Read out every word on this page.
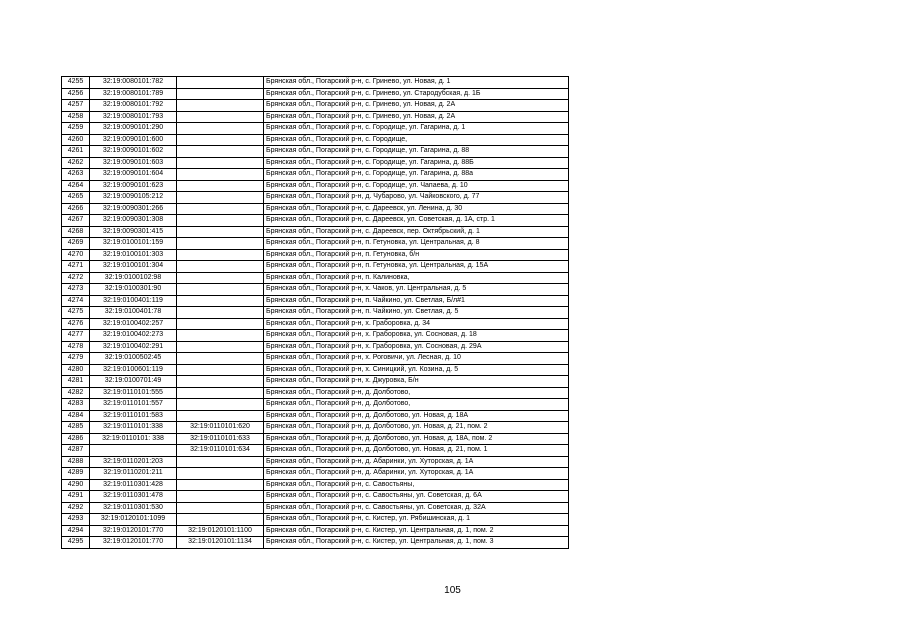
4255	32:19:0080101:782		Брянская обл., Погарский р-н, с. Гринево, ул. Новая, д. 1
4256	32:19:0080101:789		Брянская обл., Погарский р-н, с. Гринево, ул. Стародубская, д. 1Б
4257	32:19:0080101:792		Брянская обл., Погарский р-н, с. Гринево, ул. Новая, д. 2А
4258	32:19:0080101:793		Брянская обл., Погарский р-н, с. Гринево, ул. Новая, д. 2А
4259	32:19:0090101:290		Брянская обл., Погарский р-н, с. Городище, ул. Гагарина, д. 1
4260	32:19:0090101:600		Брянская обл., Погарский р-н, с. Городище,
4261	32:19:0090101:602		Брянская обл., Погарский р-н, с. Городище, ул. Гагарина, д. 88
4262	32:19:0090101:603		Брянская обл., Погарский р-н, с. Городище, ул. Гагарина, д. 88Б
4263	32:19:0090101:604		Брянская обл., Погарский р-н, с. Городище, ул. Гагарина, д. 88а
4264	32:19:0090101:623		Брянская обл., Погарский р-н, с. Городище, ул. Чапаева, д. 10
4265	32:19:0090105:212		Брянская обл., Погарский р-н, д. Чубарово, ул. Чайковского, д. 77
4266	32:19:0090301:266		Брянская обл., Погарский р-н, с. Дареевск, ул. Ленина, д. 30
4267	32:19:0090301:308		Брянская обл., Погарский р-н, с. Дареевск, ул. Советская, д. 1А, стр. 1
4268	32:19:0090301:415		Брянская обл., Погарский р-н, с. Дареевск, пер. Октябрьский, д. 1
4269	32:19:0100101:159		Брянская обл., Погарский р-н, п. Гетуновка, ул. Центральная, д. 8
4270	32:19:0100101:303		Брянская обл., Погарский р-н, п. Гетуновка, б/н
4271	32:19:0100101:304		Брянская обл., Погарский р-н, п. Гетуновка, ул. Центральная, д. 15А
4272	32:19:0100102:98		Брянская обл., Погарский р-н, п. Калиновка,
4273	32:19:0100301:90		Брянская обл., Погарский р-н, х. Чаков, ул. Центральная, д. 5
4274	32:19:0100401:119		Брянская обл., Погарский р-н, п. Чайкино, ул. Светлая, Б/л#1
4275	32:19:0100401:78		Брянская обл., Погарский р-н, п. Чайкино, ул. Светлая, д. 5
4276	32:19:0100402:257		Брянская обл., Погарский р-н, х. Граборовка, д. 34
4277	32:19:0100402:273		Брянская обл., Погарский р-н, х. Граборовка, ул. Сосновая, д. 18
4278	32:19:0100402:291		Брянская обл., Погарский р-н, х. Граборовка, ул. Сосновая, д. 29А
4279	32:19:0100502:45		Брянская обл., Погарский р-н, х. Роговичи, ул. Лесная, д. 10
4280	32:19:0100601:119		Брянская обл., Погарский р-н, х. Синицкий, ул. Козина, д. 5
4281	32:19:0100701:49		Брянская обл., Погарский р-н, х. Джуровка, Б/н
4282	32:19:0110101:555		Брянская обл., Погарский р-н, д. Долботово,
4283	32:19:0110101:557		Брянская обл., Погарский р-н, д. Долботово,
4284	32:19:0110101:583		Брянская обл., Погарский р-н, д. Долботово, ул. Новая, д. 18А
4285	32:19:0110101:338	32:19:0110101:620	Брянская обл., Погарский р-н, д. Долботово, ул. Новая, д. 21, пом. 2
4286	32:19:0110101: 338	32:19:0110101:633	Брянская обл., Погарский р-н, д. Долботово, ул. Новая, д. 18А, пом. 2
4287		32:19:0110101:634	Брянская обл., Погарский р-н, д. Долботово, ул. Новая, д. 21, пом. 1
4288	32:19:0110201:203		Брянская обл., Погарский р-н, д. Абаринки, ул. Хуторская, д. 1А
4289	32:19:0110201:211		Брянская обл., Погарский р-н, д. Абаринки, ул. Хуторская, д. 1А
4290	32:19:0110301:428		Брянская обл., Погарский р-н, с. Савостьяны,
4291	32:19:0110301:478		Брянская обл., Погарский р-н, с. Савостьяны, ул. Советская, д. 6А
4292	32:19:0110301:530		Брянская обл., Погарский р-н, с. Савостьяны, ул. Советская, д. 32А
4293	32:19:0120101:1099		Брянская обл., Погарский р-н, с. Кистер, ул. Рябишинская, д. 1
4294	32:19:0120101:770	32:19:0120101:1100	Брянская обл., Погарский р-н, с. Кистер, ул. Центральная, д. 1, пом. 2
4295	32:19:0120101:770	32:19:0120101:1134	Брянская обл., Погарский р-н, с. Кистер, ул. Центральная, д. 1, пом. 3
105
